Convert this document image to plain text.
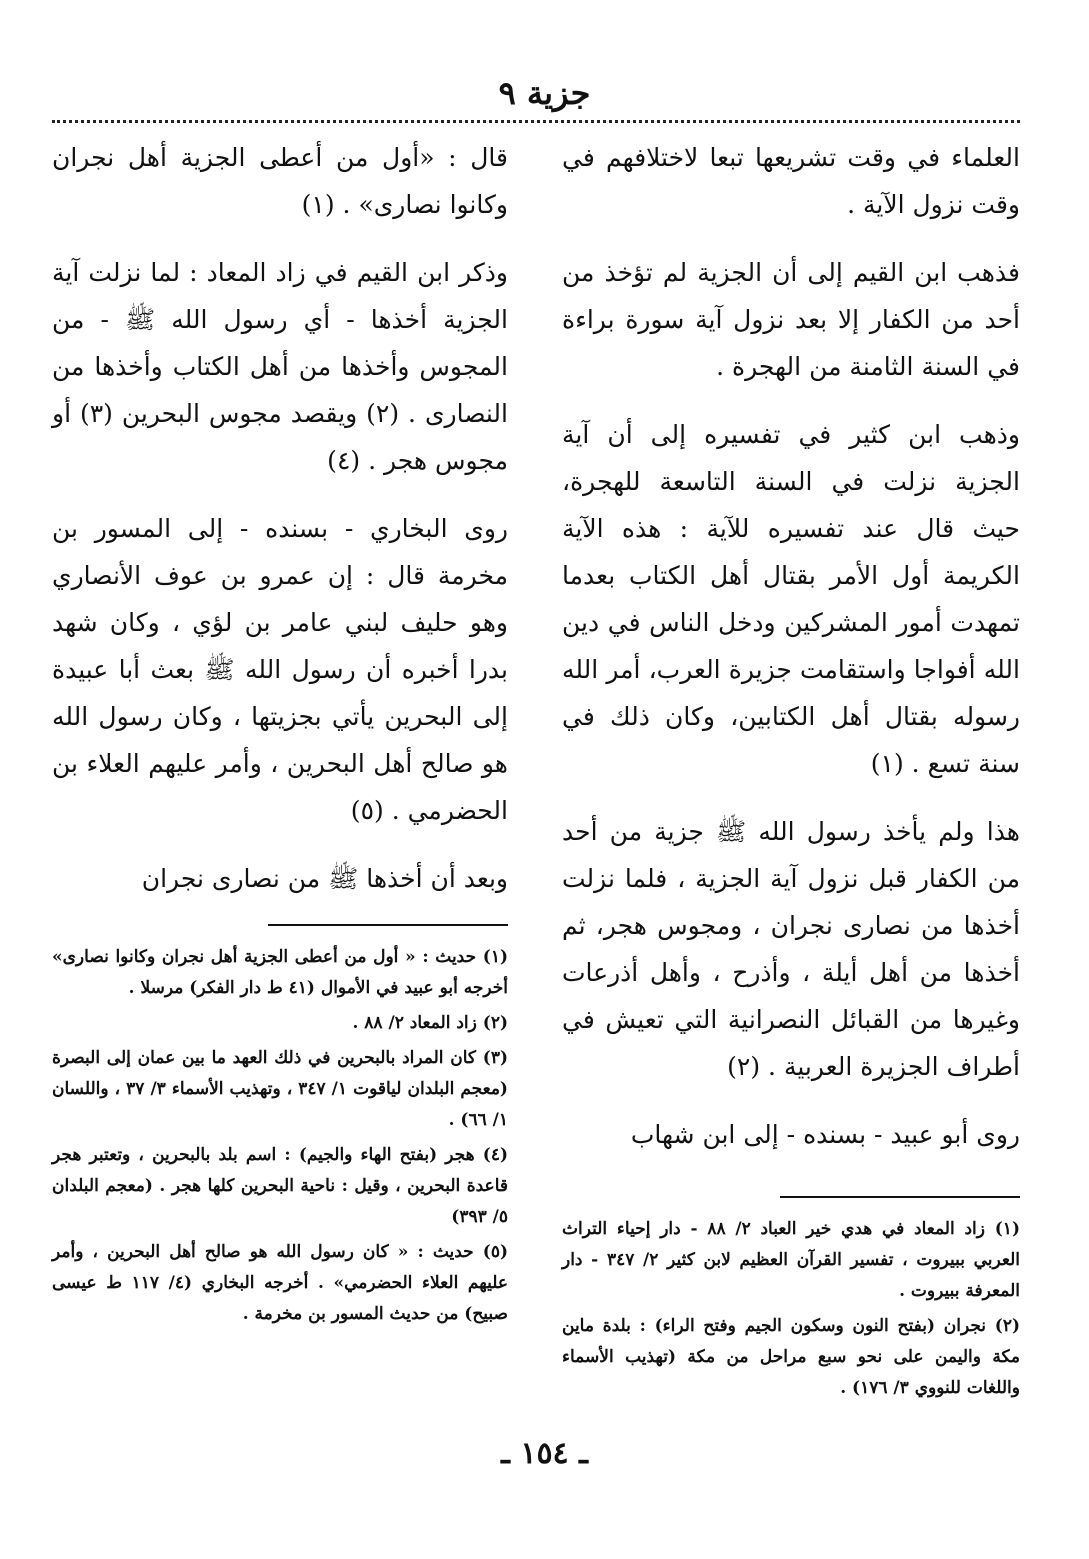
جزية ٩

العلماء في وقت تشريعها تبعا لاختلافهم في وقت نزول الآية .

فذهب ابن القيم إلى أن الجزية لم تؤخذ من أحد من الكفار إلا بعد نزول آية سورة براءة في السنة الثامنة من الهجرة .

وذهب ابن كثير في تفسيره إلى أن آية الجزية نزلت في السنة التاسعة للهجرة، حيث قال عند تفسيره للآية : هذه الآية الكريمة أول الأمر بقتال أهل الكتاب بعدما تمهدت أمور المشركين ودخل الناس في دين الله أفواجا واستقامت جزيرة العرب، أمر الله رسوله بقتال أهل الكتابين، وكان ذلك في سنة تسع . (١)

هذا ولم يأخذ رسول الله ﷺ جزية من أحد من الكفار قبل نزول آية الجزية ، فلما نزلت أخذها من نصارى نجران ، ومجوس هجر، ثم أخذها من أهل أيلة ، وأذرح ، وأهل أذرعات وغيرها من القبائل النصرانية التي تعيش في أطراف الجزيرة العربية . (٢)

روى أبو عبيد - بسنده - إلى ابن شهاب

(١) زاد المعاد في هدي خير العباد ٢/ ٨٨ - دار إحياء التراث العربي ببيروت ، تفسير القرآن العظيم لابن كثير ٢/ ٣٤٧ - دار المعرفة ببيروت .

(٢) نجران (بفتح النون وسكون الجيم وفتح الراء) : بلدة ماين مكة واليمن على نحو سبع مراحل من مكة (تهذيب الأسماء واللغات للنووي ٣/ ١٧٦) .

قال : «أول من أعطى الجزية أهل نجران وكانوا نصارى» . (١)

وذكر ابن القيم في زاد المعاد : لما نزلت آية الجزية أخذها - أي رسول الله ﷺ - من المجوس وأخذها من أهل الكتاب وأخذها من النصارى . (٢) ويقصد مجوس البحرين (٣) أو مجوس هجر . (٤)

روى البخاري - بسنده - إلى المسور بن مخرمة قال : إن عمرو بن عوف الأنصاري وهو حليف لبني عامر بن لؤي ، وكان شهد بدرا أخبره أن رسول الله ﷺ بعث أبا عبيدة إلى البحرين يأتي بجزيتها ، وكان رسول الله هو صالح أهل البحرين ، وأمر عليهم العلاء بن الحضرمي . (٥)

وبعد أن أخذها ﷺ من نصارى نجران

(١) حديث : « أول من أعطى الجزية أهل نجران وكانوا نصارى» أخرجه أبو عبيد في الأموال (٤١ ط دار الفكر) مرسلا .

(٢) زاد المعاد ٢/ ٨٨ .

(٣) كان المراد بالبحرين في ذلك العهد ما بين عمان إلى البصرة (معجم البلدان لياقوت ١/ ٣٤٧ ، وتهذيب الأسماء ٣/ ٣٧ ، واللسان ١/ ٦٦) .

(٤) هجر (بفتح الهاء والجيم) : اسم بلد بالبحرين ، وتعتبر هجر قاعدة البحرين ، وقيل : ناحية البحرين كلها هجر . (معجم البلدان ٥/ ٣٩٣)

(٥) حديث : « كان رسول الله هو صالح أهل البحرين ، وأمر عليهم العلاء الحضرمي» . أخرجه البخاري (٤/ ١١٧ ط عيسى صبيح) من حديث المسور بن مخرمة .

ـ ١٥٤ ـ
